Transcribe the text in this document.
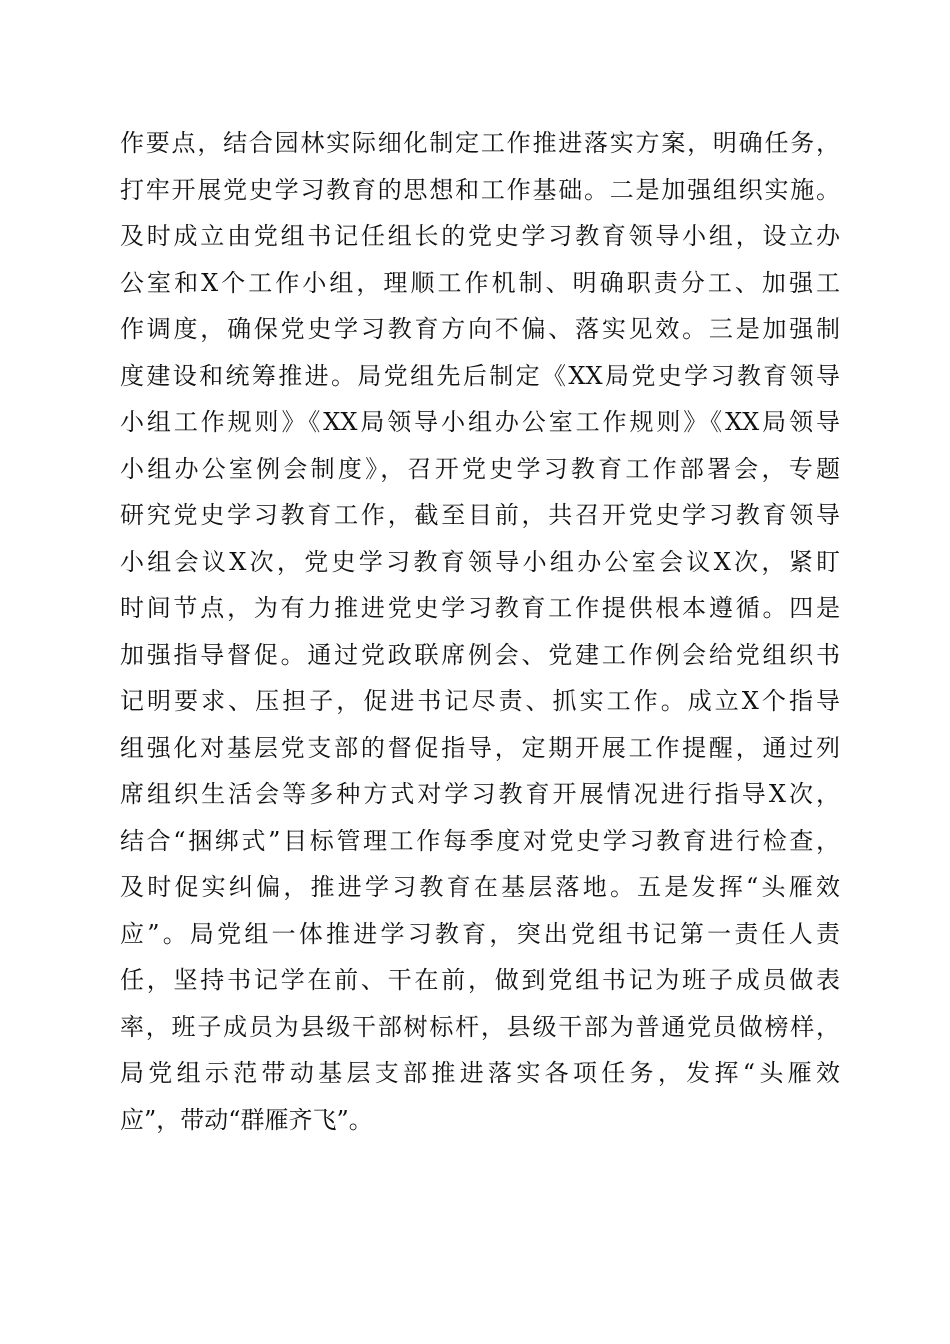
作要点，结合园林实际细化制定工作推进落实方案，明确任务，
打牢开展党史学习教育的思想和工作基础。二是加强组织实施。
及时成立由党组书记任组长的党史学习教育领导小组，设立办
公室和X个工作小组，理顺工作机制、明确职责分工、加强工
作调度，确保党史学习教育方向不偏、落实见效。三是加强制
度建设和统筹推进。局党组先后制定《XX局党史学习教育领导
小组工作规则》《XX局领导小组办公室工作规则》《XX局领导
小组办公室例会制度》，召开党史学习教育工作部署会，专题
研究党史学习教育工作，截至目前，共召开党史学习教育领导
小组会议X次，党史学习教育领导小组办公室会议X次，紧盯
时间节点，为有力推进党史学习教育工作提供根本遵循。四是
加强指导督促。通过党政联席例会、党建工作例会给党组织书
记明要求、压担子，促进书记尽责、抓实工作。成立X个指导
组强化对基层党支部的督促指导，定期开展工作提醒，通过列
席组织生活会等多种方式对学习教育开展情况进行指导X次，
结合“捆绑式”目标管理工作每季度对党史学习教育进行检查，
及时促实纠偏，推进学习教育在基层落地。五是发挥“头雁效
应”。局党组一体推进学习教育，突出党组书记第一责任人责
任，坚持书记学在前、干在前，做到党组书记为班子成员做表
率，班子成员为县级干部树标杆，县级干部为普通党员做榜样，
局党组示范带动基层支部推进落实各项任务，发挥“头雁效
应”，带动“群雁齐飞”。
